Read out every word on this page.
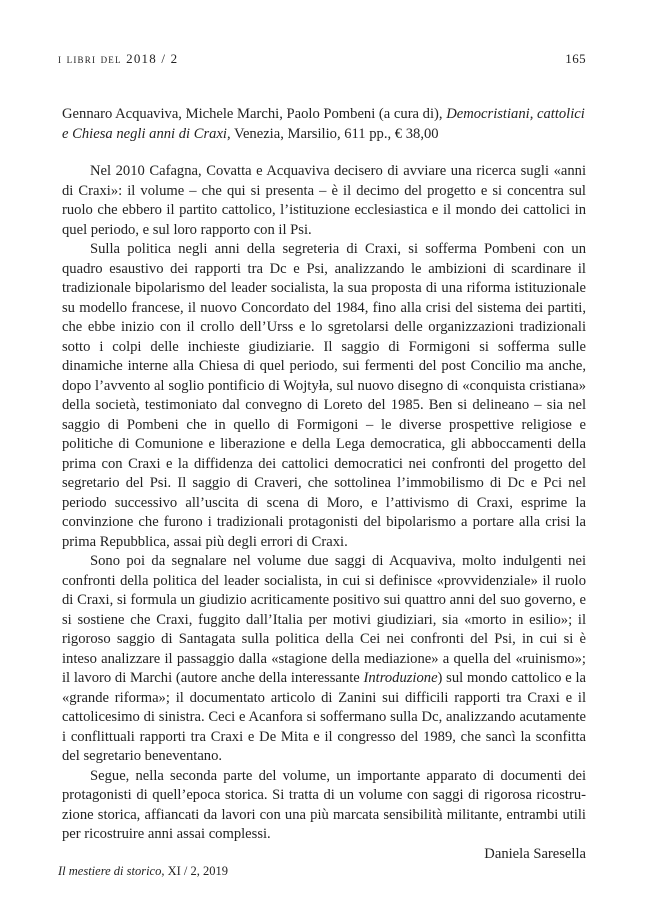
i libri del 2018 / 2	165
Gennaro Acquaviva, Michele Marchi, Paolo Pombeni (a cura di), Democristiani, cattolici e Chiesa negli anni di Craxi, Venezia, Marsilio, 611 pp., € 38,00

Nel 2010 Cafagna, Covatta e Acquaviva decisero di avviare una ricerca sugli «anni di Craxi»: il volume – che qui si presenta – è il decimo del progetto e si concentra sul ruolo che ebbero il partito cattolico, l’istituzione ecclesiastica e il mondo dei cattolici in quel periodo, e sul loro rapporto con il Psi.

Sulla politica negli anni della segreteria di Craxi, si sofferma Pombeni con un quadro esaustivo dei rapporti tra Dc e Psi, analizzando le ambizioni di scardinare il tradizionale bipolarismo del leader socialista, la sua proposta di una riforma istituzionale su modello francese, il nuovo Concordato del 1984, fino alla crisi del sistema dei partiti, che ebbe inizio con il crollo dell’Urss e lo sgretolarsi delle organizzazioni tradizionali sotto i colpi delle inchieste giudiziarie. Il saggio di Formigoni si sofferma sulle dinamiche interne alla Chiesa di quel periodo, sui fermenti del post Concilio ma anche, dopo l’avvento al soglio pontificio di Wojtyła, sul nuovo disegno di «conquista cristiana» della società, testimoniato dal convegno di Loreto del 1985. Ben si delineano – sia nel saggio di Pombeni che in quello di Formigoni – le diverse prospettive religiose e politiche di Comunione e liberazione e della Lega democratica, gli abboccamenti della prima con Craxi e la diffidenza dei cattolici democratici nei confronti del progetto del segretario del Psi. Il saggio di Craveri, che sottolinea l’immobilismo di Dc e Pci nel periodo successivo all’uscita di scena di Moro, e l’attivismo di Craxi, esprime la convinzione che furono i tradizionali protagonisti del bipolarismo a portare alla crisi la prima Repubblica, assai più degli errori di Craxi.

Sono poi da segnalare nel volume due saggi di Acquaviva, molto indulgenti nei confronti della politica del leader socialista, in cui si definisce «provvidenziale» il ruolo di Craxi, si formula un giudizio acriticamente positivo sui quattro anni del suo governo, e si sostiene che Craxi, fuggito dall’Italia per motivi giudiziari, sia «morto in esilio»; il rigoroso saggio di Santagata sulla politica della Cei nei confronti del Psi, in cui si è inteso analizzare il passaggio dalla «stagione della mediazione» a quella del «ruinismo»; il lavoro di Marchi (autore anche della interessante Introduzione) sul mondo cattolico e la «grande riforma»; il documentato articolo di Zanini sui difficili rapporti tra Craxi e il cattolicesimo di sinistra. Ceci e Acanfora si soffermano sulla Dc, analizzando acutamente i conflittuali rapporti tra Craxi e De Mita e il congresso del 1989, che sancì la sconfitta del segretario beneventano.

Segue, nella seconda parte del volume, un importante apparato di documenti dei protagonisti di quell’epoca storica. Si tratta di un volume con saggi di rigorosa ricostruzione storica, affiancati da lavori con una più marcata sensibilità militante, entrambi utili per ricostruire anni assai complessi.

Daniela Saresella
Il mestiere di storico, XI / 2, 2019
